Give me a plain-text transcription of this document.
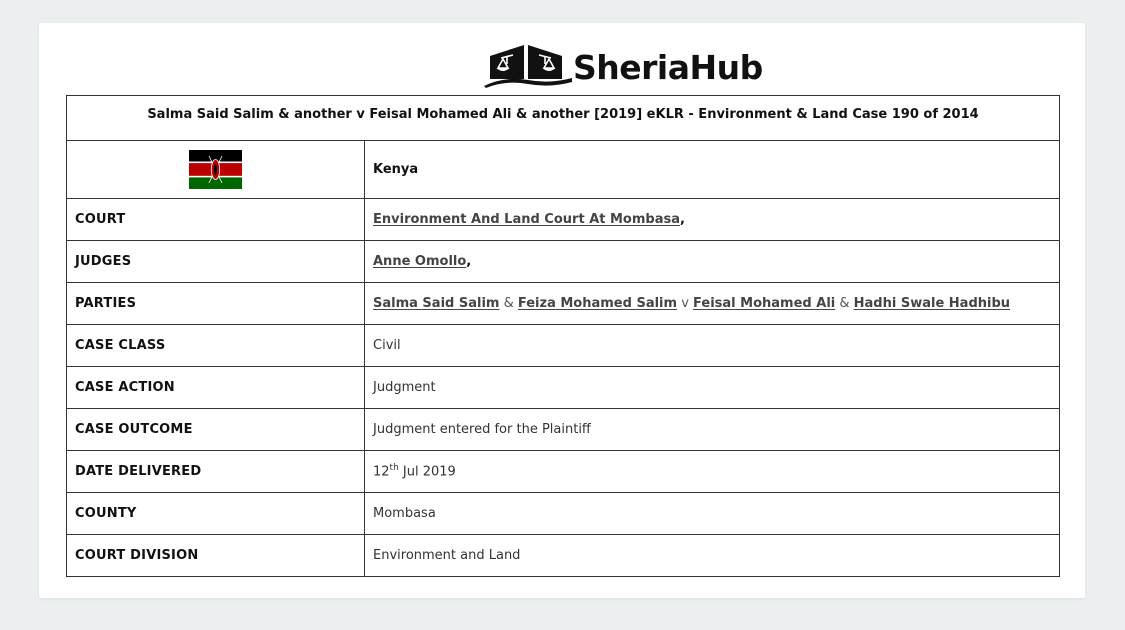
SheriaHub
Salma Said Salim & another v Feisal Mohamed Ali & another [2019] eKLR - Environment & Land Case 190 of 2014	
	Kenya
COURT	Environment And Land Court At Mombasa,
JUDGES	Anne Omollo,
PARTIES	Salma Said Salim & Feiza Mohamed Salim v Feisal Mohamed Ali & Hadhi Swale Hadhibu
CASE CLASS	Civil
CASE ACTION	Judgment
CASE OUTCOME	Judgment entered for the Plaintiff
DATE DELIVERED	12th Jul 2019
COUNTY	Mombasa
COURT DIVISION	Environment and Land
